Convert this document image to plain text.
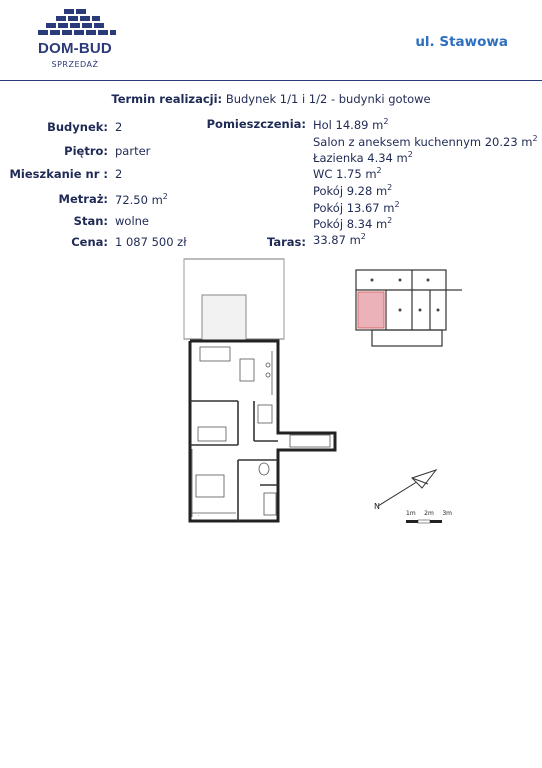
DOM-BUD
SPRZEDAŻ
ul. Stawowa
Termin realizacji: Budynek 1/1 i 1/2 - budynki gotowe
Budynek: 2
Piętro: parter
Mieszkanie nr : 2
Metraż: 72.50 $m^2$
Stan: wolne
Cena: 1 087 500 zł
Pomieszczenia: Hol 14.89 $m^2$
Salon z aneksem kuchennym 20.23 $m^2$
Łazienka 4.34 $m^2$
WC 1.75 $m^2$
Pokój 9.28 $m^2$
Pokój 13.67 $m^2$
Pokój 8.34 $m^2$
Taras: 33.87 $m^2$
·
N
1m 2m 3m
